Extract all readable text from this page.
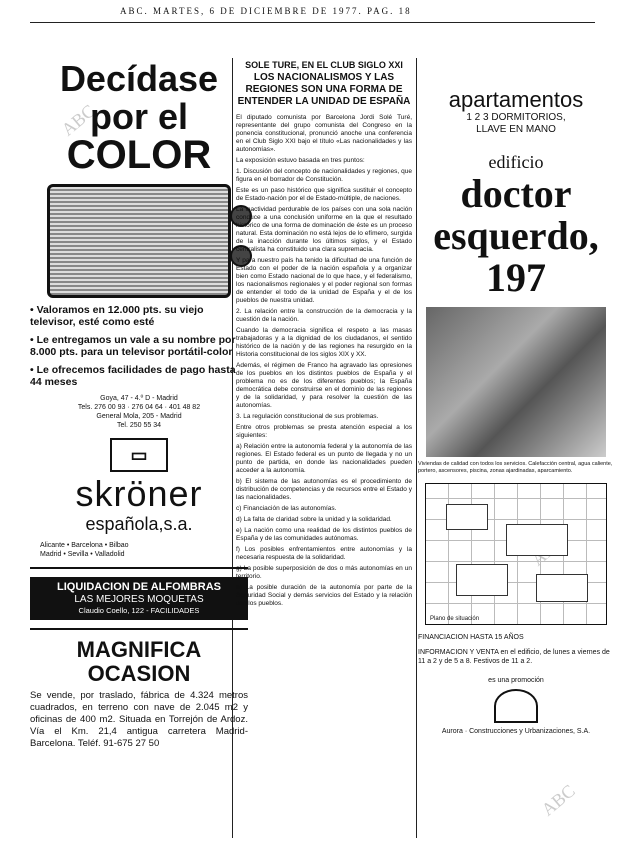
ABC. MARTES, 6 DE DICIEMBRE DE 1977. PAG. 18
ABC
ABC

Decídase

por el

COLOR

• Valoramos en 12.000 pts. su viejo televisor, esté como esté

• Le entregamos un vale a su nombre por 8.000 pts. para un televisor portátil-color

• Le ofrecemos facilidades de pago hasta 44 meses

Goya, 47 - 4.º D - Madrid
Tels. 276 00 93 · 276 04 64 · 401 48 82
General Mola, 205 - Madrid
Tel. 250 55 34
▭

skröner

española,s.a.

Alicante • Barcelona • Bilbao
Madrid • Sevilla • Valladolid
LIQUIDACION DE ALFOMBRAS
LAS MEJORES MOQUETAS
Claudio Coello, 122 - FACILIDADES
MAGNIFICA OCASION
Se vende, por traslado, fábrica de 4.324 metros cuadrados, en terreno con nave de 2.045 m2 y oficinas de 400 m2. Situada en Torrejón de Ardoz. Vía el Km. 21,4 antigua carretera Madrid-Barcelona. Teléf. 91-675 27 50

SOLE TURE, EN EL CLUB SIGLO XXI

LOS NACIONALISMOS Y LAS REGIONES SON UNA FORMA DE ENTENDER LA UNIDAD DE ESPAÑA

El diputado comunista por Barcelona Jordi Solé Turé, representante del grupo comunista del Congreso en la ponencia constitucional, pronunció anoche una conferencia en el Club Siglo XXI bajo el título «Las nacionalidades y las autonomías».

La exposición estuvo basada en tres puntos:

1. Discusión del concepto de nacionalidades y regiones, que figura en el borrador de Constitución.

Este es un paso histórico que significa sustituir el concepto de Estado-nación por el de Estado-múltiple, de naciones.

La inactividad perdurable de los países con una sola nación conduce a una conclusión uniforme en la que el resultado histórico de una forma de dominación de éste es un proceso natural. Esta dominación no está lejos de lo efímero, surgida de la inacción durante los últimos siglos, y el Estado centralista ha constituido una clara supremacía.

Y para nuestro país ha tenido la dificultad de una función de Estado con el poder de la nación española y a organizar bien como Estado nacional de lo que hace, y el federalismo, los nacionalismos regionales y el poder regional son formas de entender el todo de la unidad de España y el de los pueblos de nuestra unidad.

2. La relación entre la construcción de la democracia y la cuestión de la nación.

Cuando la democracia significa el respeto a las masas trabajadoras y a la dignidad de los ciudadanos, el sentido histórico de la nación y de las regiones ha resurgido en la Historia constitucional de los siglos XIX y XX.

Además, el régimen de Franco ha agravado las opresiones de los pueblos en los distintos pueblos de España y el problema no es de los diferentes pueblos; la España democrática debe construirse en el dominio de las regiones y de la solidaridad, y para resolver la cuestión de las autonomías.

3. La regulación constitucional de sus problemas.

Entre otros problemas se presta atención especial a los siguientes:

a) Relación entre la autonomía federal y la autonomía de las regiones. El Estado federal es un punto de llegada y no un punto de partida, en donde las nacionalidades pueden acceder a la autonomía.

b) El sistema de las autonomías es el procedimiento de distribución de competencias y de recursos entre el Estado y las nacionalidades.

c) Financiación de las autonomías.

d) La falta de claridad sobre la unidad y la solidaridad.

e) La nación como una realidad de los distintos pueblos de España y de las comunidades autónomas.

f) Los posibles enfrentamientos entre autonomías y la necesaria respuesta de la solidaridad.

g) La posible superposición de dos o más autonomías en un territorio.

h) La posible duración de la autonomía por parte de la Seguridad Social y demás servicios del Estado y la relación con los pueblos.

apartamentos

1 2 3 DORMITORIOS,

LLAVE EN MANO

edificio

doctor

esquerdo,

197

Viviendas de calidad con todos los servicios. Calefacción central, agua caliente, portero, ascensores, piscina, zonas ajardinadas, aparcamiento.
Plano de situación
FINANCIACION HASTA 15 AÑOS
INFORMACION Y VENTA en el edificio, de lunes a viernes de 11 a 2 y de 5 a 8. Festivos de 11 a 2.
es una promoción
Aurora · Construcciones y Urbanizaciones, S.A.
